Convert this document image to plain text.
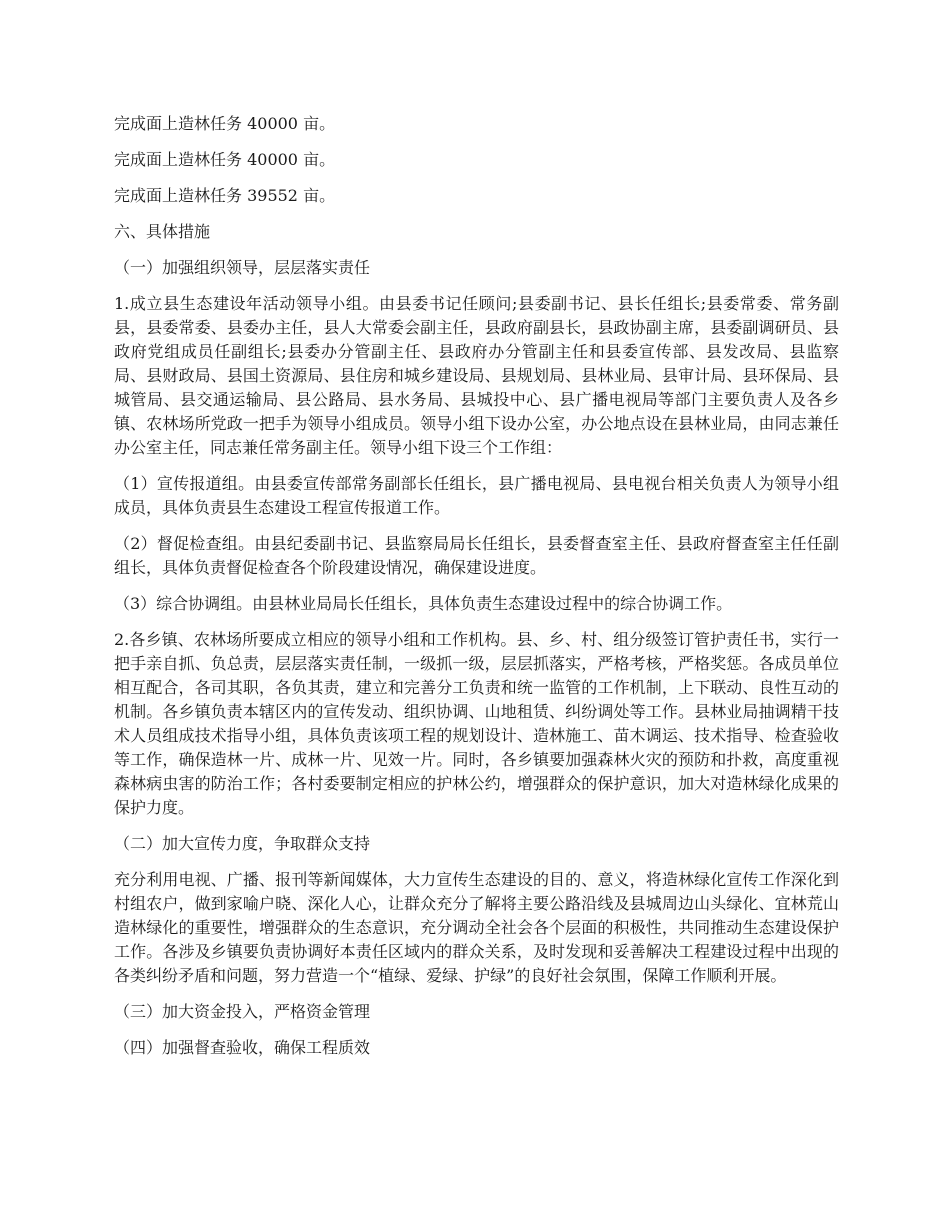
完成面上造林任务 40000 亩。

完成面上造林任务 40000 亩。

完成面上造林任务 39552 亩。

六、具体措施

（一）加强组织领导，层层落实责任

1.成立县生态建设年活动领导小组。由县委书记任顾问;县委副书记、县长任组长;县委常委、常务副县，县委常委、县委办主任，县人大常委会副主任，县政府副县长，县政协副主席，县委副调研员、县政府党组成员任副组长;县委办分管副主任、县政府办分管副主任和县委宣传部、县发改局、县监察局、县财政局、县国土资源局、县住房和城乡建设局、县规划局、县林业局、县审计局、县环保局、县城管局、县交通运输局、县公路局、县水务局、县城投中心、县广播电视局等部门主要负责人及各乡镇、农林场所党政一把手为领导小组成员。领导小组下设办公室，办公地点设在县林业局，由同志兼任办公室主任，同志兼任常务副主任。领导小组下设三个工作组：

（1）宣传报道组。由县委宣传部常务副部长任组长，县广播电视局、县电视台相关负责人为领导小组成员，具体负责县生态建设工程宣传报道工作。

（2）督促检查组。由县纪委副书记、县监察局局长任组长，县委督查室主任、县政府督查室主任任副组长，具体负责督促检查各个阶段建设情况，确保建设进度。

（3）综合协调组。由县林业局局长任组长，具体负责生态建设过程中的综合协调工作。

2.各乡镇、农林场所要成立相应的领导小组和工作机构。县、乡、村、组分级签订管护责任书，实行一把手亲自抓、负总责，层层落实责任制，一级抓一级，层层抓落实，严格考核，严格奖惩。各成员单位相互配合，各司其职，各负其责，建立和完善分工负责和统一监管的工作机制，上下联动、良性互动的机制。各乡镇负责本辖区内的宣传发动、组织协调、山地租赁、纠纷调处等工作。县林业局抽调精干技术人员组成技术指导小组，具体负责该项工程的规划设计、造林施工、苗木调运、技术指导、检查验收等工作，确保造林一片、成林一片、见效一片。同时，各乡镇要加强森林火灾的预防和扑救，高度重视森林病虫害的防治工作；各村委要制定相应的护林公约，增强群众的保护意识，加大对造林绿化成果的保护力度。

（二）加大宣传力度，争取群众支持

充分利用电视、广播、报刊等新闻媒体，大力宣传生态建设的目的、意义，将造林绿化宣传工作深化到村组农户，做到家喻户晓、深化人心，让群众充分了解将主要公路沿线及县城周边山头绿化、宜林荒山造林绿化的重要性，增强群众的生态意识，充分调动全社会各个层面的积极性，共同推动生态建设保护工作。各涉及乡镇要负责协调好本责任区域内的群众关系，及时发现和妥善解决工程建设过程中出现的各类纠纷矛盾和问题，努力营造一个“植绿、爱绿、护绿”的良好社会氛围，保障工作顺利开展。

（三）加大资金投入，严格资金管理

（四）加强督查验收，确保工程质效
